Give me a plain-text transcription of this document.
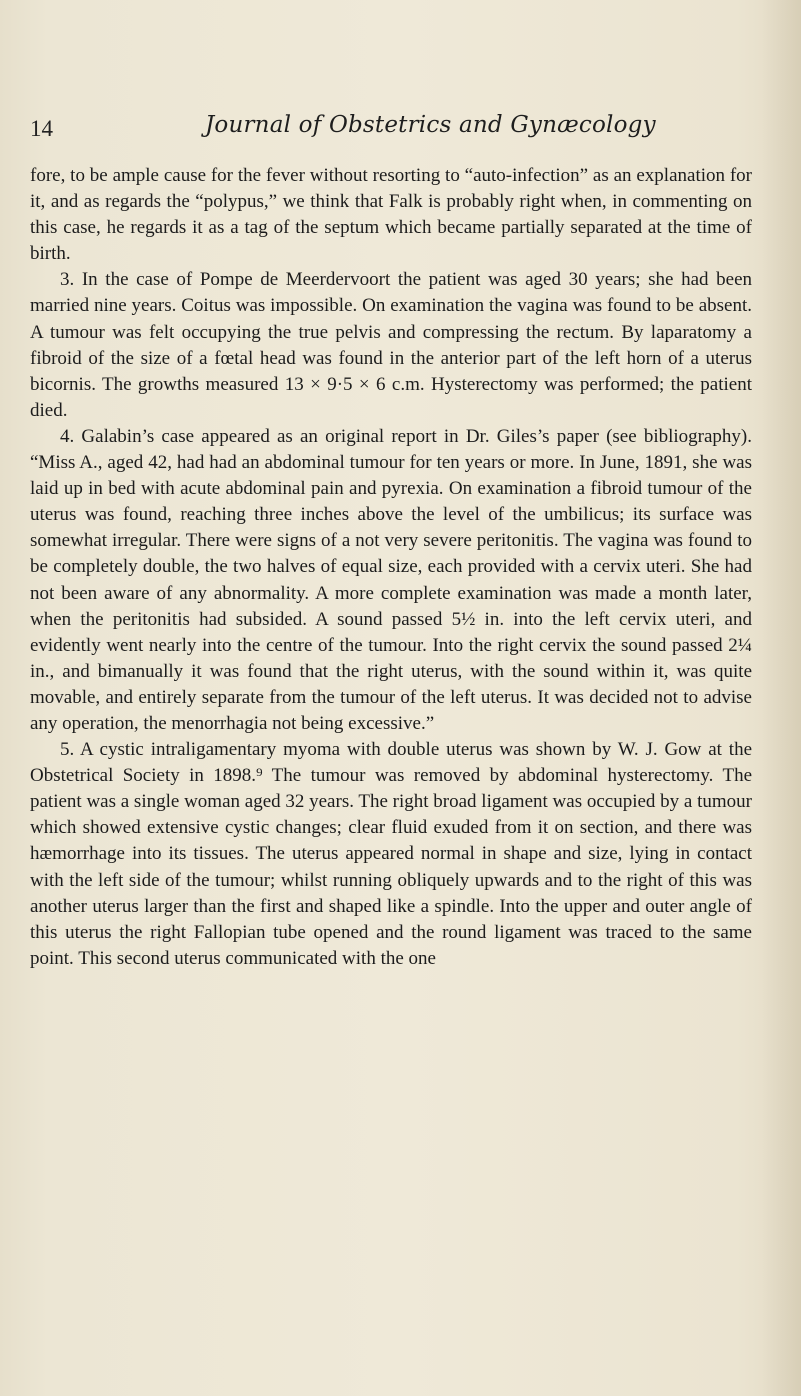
14	Journal of Obstetrics and Gynæcology

fore, to be ample cause for the fever without resorting to “auto-infection” as an explanation for it, and as regards the “polypus,” we think that Falk is probably right when, in commenting on this case, he regards it as a tag of the septum which became partially separated at the time of birth.

3. In the case of Pompe de Meerdervoort the patient was aged 30 years; she had been married nine years. Coitus was impossible. On examination the vagina was found to be absent. A tumour was felt occupying the true pelvis and compressing the rectum. By laparatomy a fibroid of the size of a fœtal head was found in the anterior part of the left horn of a uterus bicornis. The growths measured 13 × 9·5 × 6 c.m. Hysterectomy was performed; the patient died.

4. Galabin’s case appeared as an original report in Dr. Giles’s paper (see bibliography). “Miss A., aged 42, had had an abdominal tumour for ten years or more. In June, 1891, she was laid up in bed with acute abdominal pain and pyrexia. On examination a fibroid tumour of the uterus was found, reaching three inches above the level of the umbilicus; its surface was somewhat irregular. There were signs of a not very severe peritonitis. The vagina was found to be completely double, the two halves of equal size, each provided with a cervix uteri. She had not been aware of any abnormality. A more complete examination was made a month later, when the peritonitis had subsided. A sound passed 5½ in. into the left cervix uteri, and evidently went nearly into the centre of the tumour. Into the right cervix the sound passed 2¼ in., and bimanually it was found that the right uterus, with the sound within it, was quite movable, and entirely separate from the tumour of the left uterus. It was decided not to advise any operation, the menorrhagia not being excessive.”

5. A cystic intraligamentary myoma with double uterus was shown by W. J. Gow at the Obstetrical Society in 1898.⁹ The tumour was removed by abdominal hysterectomy. The patient was a single woman aged 32 years. The right broad ligament was occupied by a tumour which showed extensive cystic changes; clear fluid exuded from it on section, and there was hæmorrhage into its tissues. The uterus appeared normal in shape and size, lying in contact with the left side of the tumour; whilst running obliquely upwards and to the right of this was another uterus larger than the first and shaped like a spindle. Into the upper and outer angle of this uterus the right Fallopian tube opened and the round ligament was traced to the same point. This second uterus communicated with the one
